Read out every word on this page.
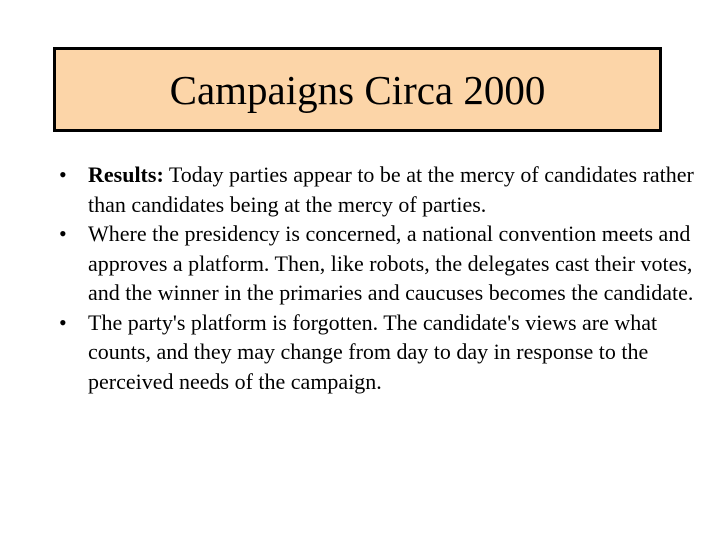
Campaigns Circa 2000
• Results: Today parties appear to be at the mercy of candidates rather than candidates being at the mercy of parties.
• Where the presidency is concerned, a national convention meets and approves a platform. Then, like robots, the delegates cast their votes, and the winner in the primaries and caucuses becomes the candidate.
• The party's platform is forgotten. The candidate's views are what counts, and they may change from day to day in response to the perceived needs of the campaign.
